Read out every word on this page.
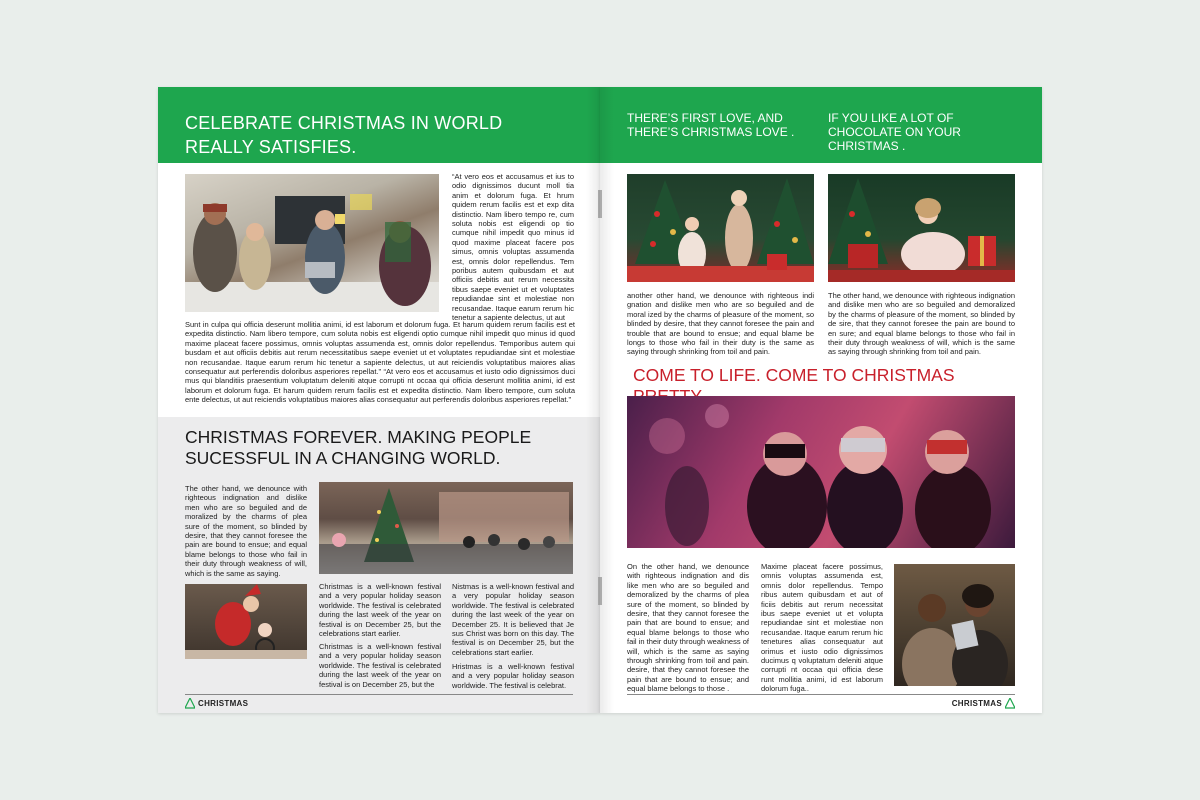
CELEBRATE CHRISTMAS IN WORLD REALLY SATISFIES.

“At vero eos et accusamus et ius to odio dignissimos ducunt moll tia anim et dolorum fuga. Et hrum quidem rerum facilis est et exp dita distinctio. Nam libero tempo re, cum soluta nobis est eligendi op tio cumque nihil impedit quo minus id quod maxime placeat facere pos simus, omnis voluptas assumenda est, omnis dolor repellendus. Tem poribus autem quibusdam et aut officiis debitis aut rerum necessita tibus saepe eveniet ut et voluptates repudiandae sint et molestiae non recusandae. Itaque earum rerum hic tenetur a sapiente delectus, ut aut

Sunt in culpa qui officia deserunt mollitia animi, id est laborum et dolorum fuga. Et harum quidem rerum facilis est et expedita distinctio. Nam libero tempore, cum soluta nobis est eligendi optio cumque nihil impedit quo minus id quod maxime placeat facere possimus, omnis voluptas assumenda est, omnis dolor repellendus. Temporibus autem qui busdam et aut officiis debitis aut rerum necessitatibus saepe eveniet ut et voluptates repudiandae sint et molestiae non recusandae. Itaque earum rerum hic tenetur a sapiente delectus, ut aut reiciendis voluptatibus maiores alias consequatur aut perferendis doloribus asperiores repellat.” “At vero eos et accusamus et iusto odio dignissimos duci mus qui blanditiis praesentium voluptatum deleniti atque corrupti nt occaa qui officia deserunt mollitia animi, id est laborum et dolorum fuga. Et harum quidem rerum facilis est et expedita distinctio. Nam libero tempore, cum soluta ente delectus, ut aut reiciendis voluptatibus maiores alias consequatur aut perferendis doloribus asperiores repellat.”

CHRISTMAS FOREVER. MAKING PEOPLE SUCESSFUL IN A CHANGING WORLD.

The other hand, we denounce with righteous indignation and dislike men who are so beguiled and de moralized by the charms of plea sure of the moment, so blinded by desire, that they cannot foresee the pain are bound to ensue; and equal blame belongs to those who fail in their duty through weakness of will, which is the same as saying.

Christmas is a well-known festival and a very popular holiday season worldwide. The festival is celebrated during the last week of the year on festival is on December 25, but the celebrations start earlier.

Christmas is a well-known festival and a very popular holiday season worldwide. The festival is celebrated during the last week of the year on festival is on December 25, but the

Nistmas is a well-known festival and a very popular holiday season worldwide. The festival is celebrated during the last week of the year on December 25. It is believed that Je sus Christ was born on this day. The festival is on December 25, but the celebrations start earlier.

Hristmas is a well-known festival and a very popular holiday season worldwide. The festival is celebrat.

CHRISTMAS
THERE’S FIRST LOVE, AND THERE’S CHRISTMAS LOVE .
IF YOU LIKE A LOT OF CHOCOLATE ON YOUR CHRISTMAS .

another other hand, we denounce with righteous indi gnation and dislike men who are so beguiled and de moral ized by the charms of pleasure of the moment, so blinded by desire, that they cannot foresee the pain and trouble that are bound to ensue; and equal blame be longs to those who fail in their duty is the same as saying through shrinking from toil and pain.

The other hand, we denounce with righteous indignation and dislike men who are so beguiled and demoralized by the charms of pleasure of the moment, so blinded by de sire, that they cannot foresee the pain are bound to en sure; and equal blame belongs to those who fail in their duty through weakness of will, which is the same as saying through shrinking from toil and pain.

COME TO LIFE. COME TO CHRISTMAS

On the other hand, we denounce with righteous indignation and dis like men who are so beguiled and demoralized by the charms of plea sure of the moment, so blinded by desire, that they cannot foresee the pain that are bound to ensue; and equal blame belongs to those who fail in their duty through weakness of will, which is the same as saying through shrinking from toil and pain. desire, that they cannot foresee the pain that are bound to ensue; and equal blame belongs to those .

Maxime placeat facere possimus, omnis voluptas assumenda est, omnis dolor repellendus. Tempo ribus autem quibusdam et aut of ficiis debitis aut rerum necessitat ibus saepe eveniet ut et volupta repudiandae sint et molestiae non recusandae. Itaque earum rerum hic tenetures alias consequatur aut orimus et iusto odio dignissimos ducimus q voluptatum deleniti atque corrupti nt occaa qui officia dese runt mollitia animi, id est laborum dolorum fuga..

CHRISTMAS
